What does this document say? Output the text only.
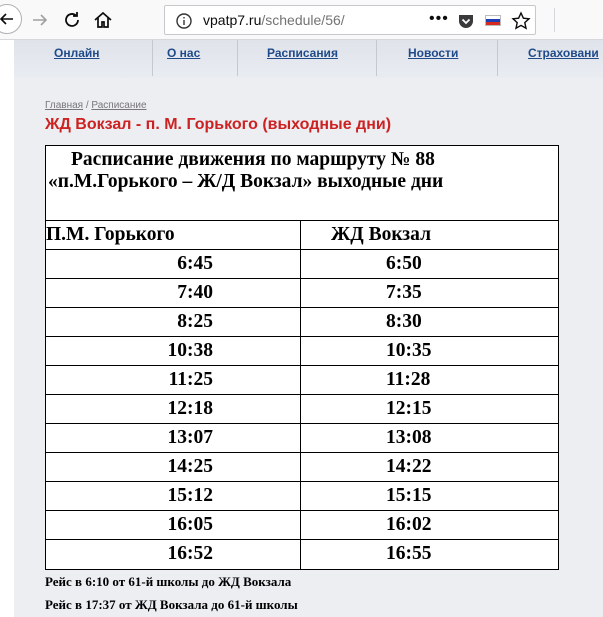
vpatp7.ru/schedule/56/	•••
Онлайн	О нас	Расписания	Новости	Страховани
Главная / Расписание
ЖД Вокзал - п. М. Горького (выходные дни)
Расписание движения по маршруту № 88
«п.М.Горького – Ж/Д Вокзал» выходные дни
П.М. Горького	ЖД Вокзал
6:45	6:50
7:40	7:35
8:25	8:30
10:38	10:35
11:25	11:28
12:18	12:15
13:07	13:08
14:25	14:22
15:12	15:15
16:05	16:02
16:52	16:55
Рейс в 6:10 от 61-й школы до ЖД Вокзала
Рейс в 17:37 от ЖД Вокзала до 61-й школы
